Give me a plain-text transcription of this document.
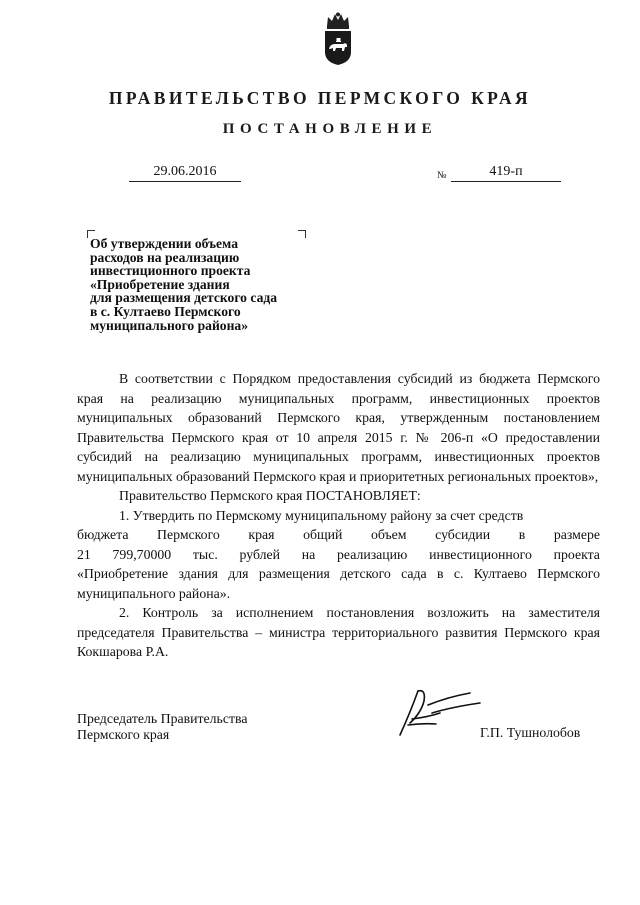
ПРАВИТЕЛЬСТВО ПЕРМСКОГО КРАЯ
ПОСТАНОВЛЕНИЕ
29.06.2016	№	419-п
Об утверждении объема
расходов на реализацию
инвестиционного проекта
«Приобретение здания
для размещения детского сада
в с. Култаево Пермского
муниципального района»
В соответствии с Порядком предоставления субсидий из бюджета Пермского края на реализацию муниципальных программ, инвестиционных проектов муниципальных образований Пермского края, утвержденным постановлением Правительства Пермского края от 10 апреля 2015 г. № 206-п «О предоставлении субсидий на реализацию муниципальных программ, инвестиционных проектов муниципальных образований Пермского края и приоритетных региональных проектов»,
Правительство Пермского края ПОСТАНОВЛЯЕТ:
1. Утвердить по Пермскому муниципальному району за счет средств
бюджета Пермского края общий объем субсидии в размере
21 799,70000 тыс. рублей на реализацию инвестиционного проекта
«Приобретение здания для размещения детского сада в с. Култаево Пермского муниципального района».
2. Контроль за исполнением постановления возложить на заместителя председателя Правительства – министра территориального развития Пермского края Кокшарова Р.А.
Председатель Правительства
Пермского края	Г.П. Тушнолобов
